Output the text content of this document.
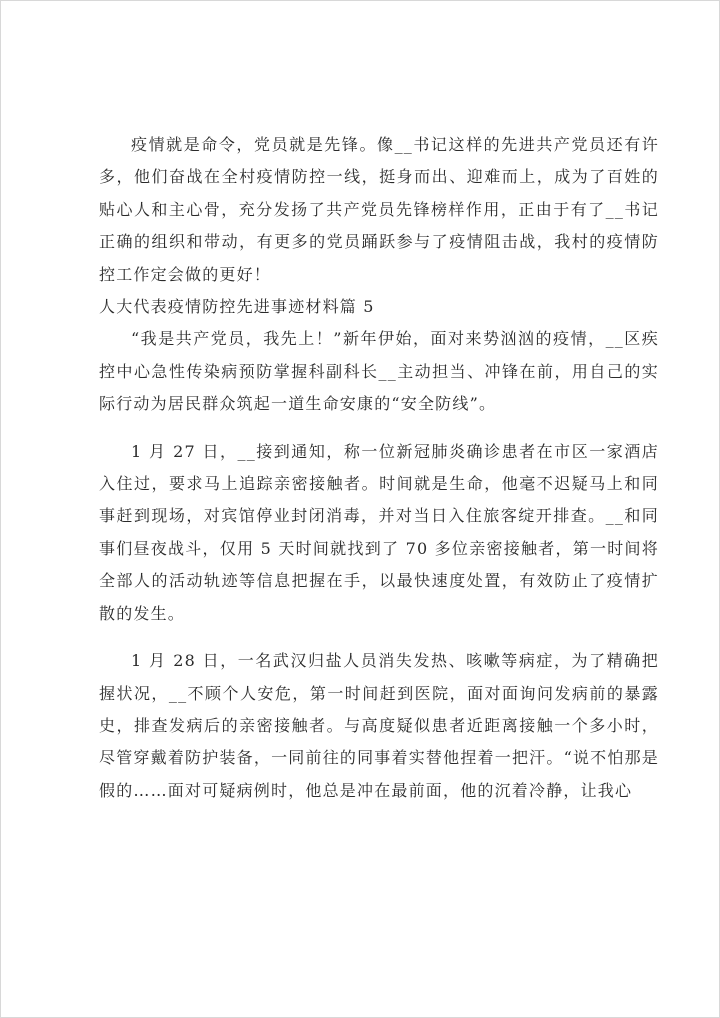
疫情就是命令，党员就是先锋。像__书记这样的先进共产党员还有许多，他们奋战在全村疫情防控一线，挺身而出、迎难而上，成为了百姓的贴心人和主心骨，充分发扬了共产党员先锋榜样作用，正由于有了__书记正确的组织和带动，有更多的党员踊跃参与了疫情阻击战，我村的疫情防控工作定会做的更好！

人大代表疫情防控先进事迹材料篇 5

“我是共产党员，我先上！”新年伊始，面对来势汹汹的疫情，__区疾控中心急性传染病预防掌握科副科长__主动担当、冲锋在前，用自己的实际行动为居民群众筑起一道生命安康的“安全防线”。

1 月 27 日，__接到通知，称一位新冠肺炎确诊患者在市区一家酒店入住过，要求马上追踪亲密接触者。时间就是生命，他毫不迟疑马上和同事赶到现场，对宾馆停业封闭消毒，并对当日入住旅客绽开排查。__和同事们昼夜战斗，仅用 5 天时间就找到了 70 多位亲密接触者，第一时间将全部人的活动轨迹等信息把握在手，以最快速度处置，有效防止了疫情扩散的发生。

1 月 28 日，一名武汉归盐人员消失发热、咳嗽等病症，为了精确把握状况，__不顾个人安危，第一时间赶到医院，面对面询问发病前的暴露史，排查发病后的亲密接触者。与高度疑似患者近距离接触一个多小时，尽管穿戴着防护装备，一同前往的同事着实替他捏着一把汗。“说不怕那是假的……面对可疑病例时，他总是冲在最前面，他的沉着冷静，让我心
